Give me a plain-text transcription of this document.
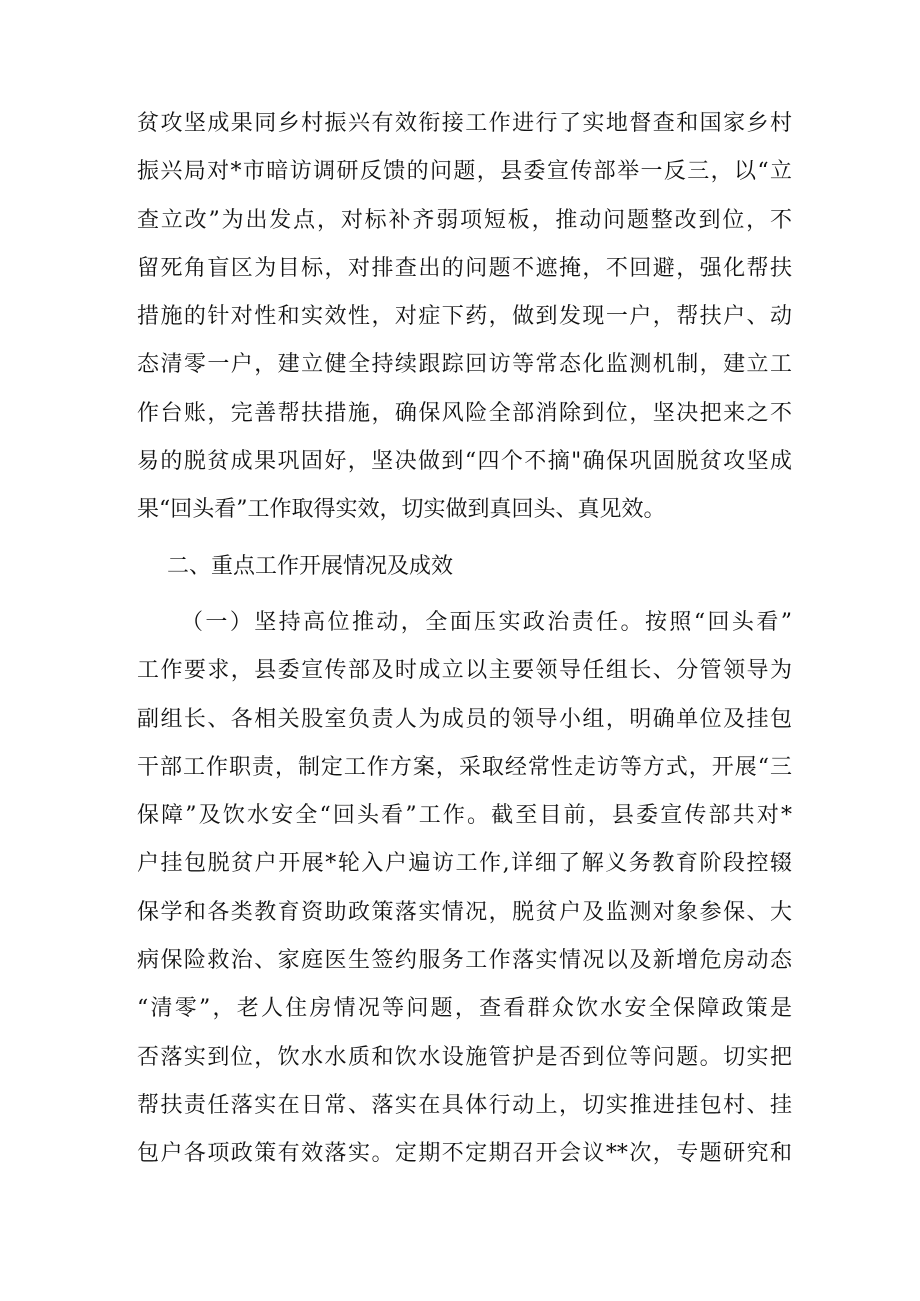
贫攻坚成果同乡村振兴有效衔接工作进行了实地督查和国家乡村
振兴局对*市暗访调研反馈的问题，县委宣传部举一反三，以“立
查立改”为出发点，对标补齐弱项短板，推动问题整改到位，不
留死角盲区为目标，对排查出的问题不遮掩，不回避，强化帮扶
措施的针对性和实效性，对症下药，做到发现一户，帮扶户、动
态清零一户，建立健全持续跟踪回访等常态化监测机制，建立工
作台账，完善帮扶措施，确保风险全部消除到位，坚决把来之不
易的脱贫成果巩固好，坚决做到“四个不摘"确保巩固脱贫攻坚成
果“回头看”工作取得实效，切实做到真回头、真见效。
二、重点工作开展情况及成效
（一）坚持高位推动，全面压实政治责任。按照“回头看”
工作要求，县委宣传部及时成立以主要领导任组长、分管领导为
副组长、各相关股室负责人为成员的领导小组，明确单位及挂包
干部工作职责，制定工作方案，采取经常性走访等方式，开展“三
保障”及饮水安全“回头看”工作。截至目前，县委宣传部共对*
户挂包脱贫户开展*轮入户遍访工作,详细了解义务教育阶段控辍
保学和各类教育资助政策落实情况，脱贫户及监测对象参保、大
病保险救治、家庭医生签约服务工作落实情况以及新增危房动态
“清零”，老人住房情况等问题，查看群众饮水安全保障政策是
否落实到位，饮水水质和饮水设施管护是否到位等问题。切实把
帮扶责任落实在日常、落实在具体行动上，切实推进挂包村、挂
包户各项政策有效落实。定期不定期召开会议**次，专题研究和
